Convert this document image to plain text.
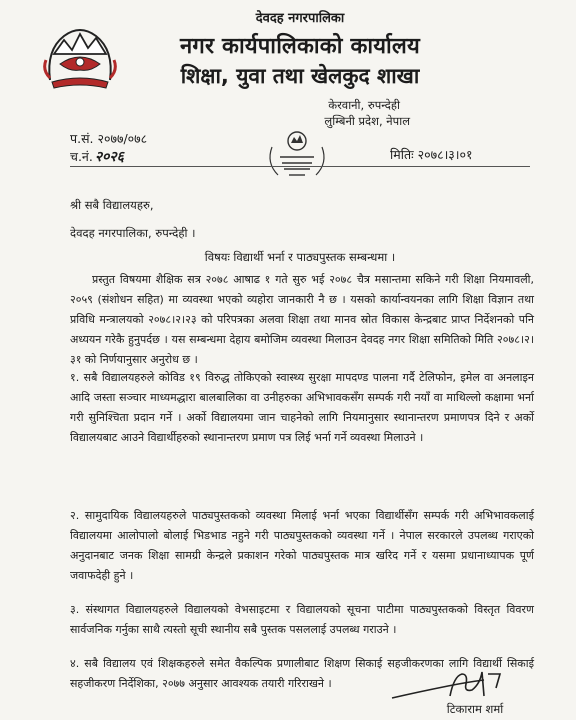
देवदह नगरपालिका
नगर कार्यपालिकाको कार्यालय
शिक्षा, युवा तथा खेलकुद शाखा
केरवानी, रुपन्देही
लुम्बिनी प्रदेश, नेपाल
प.सं. २०७७/०७८
च.नं. २०२६	मितिः २०७८।३।०१
श्री सबै विद्यालयहरु,
देवदह नगरपालिका, रुपन्देही ।
विषयः विद्यार्थी भर्ना र पाठ्यपुस्तक सम्बन्धमा ।
प्रस्तुत विषयमा शैक्षिक सत्र २०७८ आषाढ १ गते सुरु भई २०७८ चैत्र मसान्तमा सकिने गरी शिक्षा नियमावली, २०५९ (संशोधन सहित) मा व्यवस्था भएको व्यहोरा जानकारी नै छ । यसको कार्यान्वयनका लागि शिक्षा विज्ञान तथा प्रविधि मन्त्रालयको २०७८।२।२३ को परिपत्रका अलवा शिक्षा तथा मानव स्रोत विकास केन्द्रबाट प्राप्त निर्देशनको पनि अध्ययन गरेकै हुनुपर्दछ । यस सम्बन्धमा देहाय बमोजिम व्यवस्था मिलाउन देवदह नगर शिक्षा समितिको मिति २०७८।२।३१ को निर्णयानुसार अनुरोध छ ।
१. सबै विद्यालयहरुले कोविड १९ विरुद्ध तोकिएको स्वास्थ्य सुरक्षा मापदण्ड पालना गर्दै टेलिफोन, इमेल वा अनलाइन आदि जस्ता सञ्चार माध्यमद्धारा बालबालिका वा उनीहरुका अभिभावकसँग सम्पर्क गरी नयाँ वा माथिल्लो कक्षामा भर्ना गरी सुनिश्चिता प्रदान गर्ने । अर्को विद्यालयमा जान चाहनेको लागि नियमानुसार स्थानान्तरण प्रमाणपत्र दिने र अर्को विद्यालयबाट आउने विद्यार्थीहरुको स्थानान्तरण प्रमाण पत्र लिई भर्ना गर्ने व्यवस्था मिलाउने ।
२. सामुदायिक विद्यालयहरुले पाठ्यपुस्तकको व्यवस्था मिलाई भर्ना भएका विद्यार्थीसँग सम्पर्क गरी अभिभावकलाई विद्यालयमा आलोपालो बोलाई भिडभाड नहुने गरी पाठ्यपुस्तकको व्यवस्था गर्ने । नेपाल सरकारले उपलब्ध गराएको अनुदानबाट जनक शिक्षा सामग्री केन्द्रले प्रकाशन गरेको पाठ्यपुस्तक मात्र खरिद गर्ने र यसमा प्रधानाध्यापक पूर्ण जवाफदेही हुने ।
३. संस्थागत विद्यालयहरुले विद्यालयको वेभसाइटमा र विद्यालयको सूचना पाटीमा पाठ्यपुस्तकको विस्तृत विवरण सार्वजनिक गर्नुका साथै त्यस्तो सूची स्थानीय सबै पुस्तक पसललाई उपलब्ध गराउने ।
४. सबै विद्यालय एवं शिक्षकहरुले समेत वैकल्पिक प्रणालीबाट शिक्षण सिकाई सहजीकरणका लागि विद्यार्थी सिकाई सहजीकरण निर्देशिका, २०७७ अनुसार आवश्यक तयारी गरिराखने ।
टिकाराम शर्मा
